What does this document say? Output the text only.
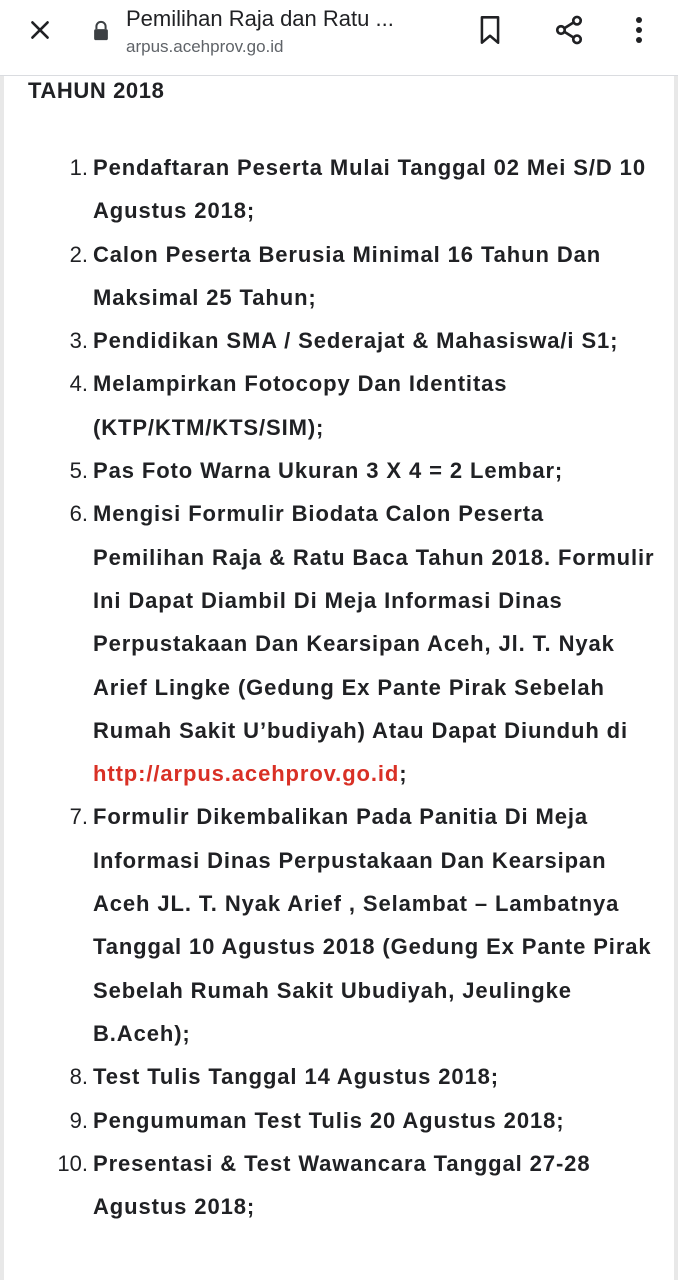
Pemilihan Raja dan Ratu ...
arpus.acehprov.go.id
TAHUN 2018
1. Pendaftaran Peserta Mulai Tanggal 02 Mei S/D 10 Agustus 2018;
2. Calon Peserta Berusia Minimal 16 Tahun Dan Maksimal 25 Tahun;
3. Pendidikan SMA / Sederajat & Mahasiswa/i S1;
4. Melampirkan Fotocopy Dan Identitas (KTP/KTM/KTS/SIM);
5. Pas Foto Warna Ukuran 3 X 4 = 2 Lembar;
6. Mengisi Formulir Biodata Calon Peserta Pemilihan Raja & Ratu Baca Tahun 2018. Formulir Ini Dapat Diambil Di Meja Informasi Dinas Perpustakaan Dan Kearsipan Aceh, Jl. T. Nyak Arief Lingke (Gedung Ex Pante Pirak Sebelah Rumah Sakit U’budiyah) Atau Dapat Diunduh di http://arpus.acehprov.go.id;
7. Formulir Dikembalikan Pada Panitia Di Meja Informasi Dinas Perpustakaan Dan Kearsipan Aceh JL. T. Nyak Arief , Selambat – Lambatnya Tanggal 10 Agustus 2018 (Gedung Ex Pante Pirak Sebelah Rumah Sakit Ubudiyah, Jeulingke B.Aceh);
8. Test Tulis Tanggal 14 Agustus 2018;
9. Pengumuman Test Tulis 20 Agustus 2018;
10. Presentasi & Test Wawancara Tanggal 27-28 Agustus 2018;
